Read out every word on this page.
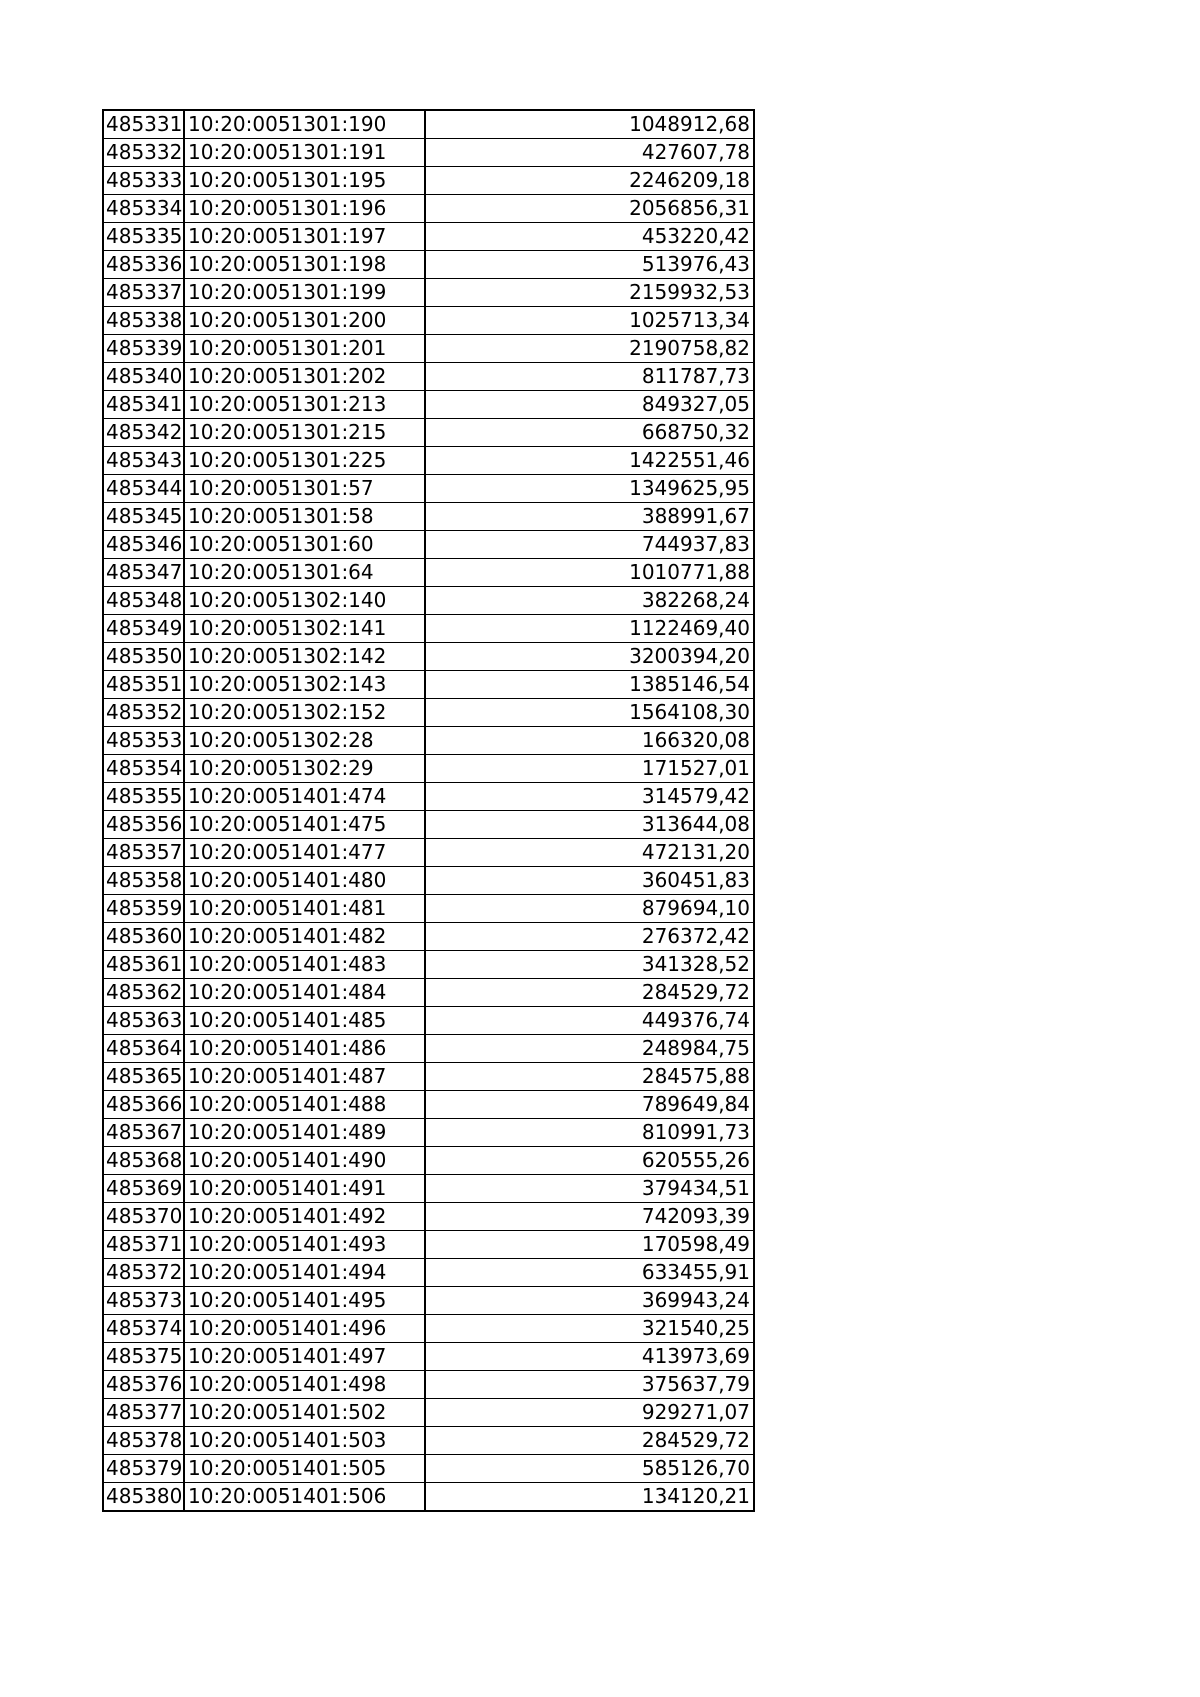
485331	10:20:0051301:190	1048912,68
485332	10:20:0051301:191	427607,78
485333	10:20:0051301:195	2246209,18
485334	10:20:0051301:196	2056856,31
485335	10:20:0051301:197	453220,42
485336	10:20:0051301:198	513976,43
485337	10:20:0051301:199	2159932,53
485338	10:20:0051301:200	1025713,34
485339	10:20:0051301:201	2190758,82
485340	10:20:0051301:202	811787,73
485341	10:20:0051301:213	849327,05
485342	10:20:0051301:215	668750,32
485343	10:20:0051301:225	1422551,46
485344	10:20:0051301:57	1349625,95
485345	10:20:0051301:58	388991,67
485346	10:20:0051301:60	744937,83
485347	10:20:0051301:64	1010771,88
485348	10:20:0051302:140	382268,24
485349	10:20:0051302:141	1122469,40
485350	10:20:0051302:142	3200394,20
485351	10:20:0051302:143	1385146,54
485352	10:20:0051302:152	1564108,30
485353	10:20:0051302:28	166320,08
485354	10:20:0051302:29	171527,01
485355	10:20:0051401:474	314579,42
485356	10:20:0051401:475	313644,08
485357	10:20:0051401:477	472131,20
485358	10:20:0051401:480	360451,83
485359	10:20:0051401:481	879694,10
485360	10:20:0051401:482	276372,42
485361	10:20:0051401:483	341328,52
485362	10:20:0051401:484	284529,72
485363	10:20:0051401:485	449376,74
485364	10:20:0051401:486	248984,75
485365	10:20:0051401:487	284575,88
485366	10:20:0051401:488	789649,84
485367	10:20:0051401:489	810991,73
485368	10:20:0051401:490	620555,26
485369	10:20:0051401:491	379434,51
485370	10:20:0051401:492	742093,39
485371	10:20:0051401:493	170598,49
485372	10:20:0051401:494	633455,91
485373	10:20:0051401:495	369943,24
485374	10:20:0051401:496	321540,25
485375	10:20:0051401:497	413973,69
485376	10:20:0051401:498	375637,79
485377	10:20:0051401:502	929271,07
485378	10:20:0051401:503	284529,72
485379	10:20:0051401:505	585126,70
485380	10:20:0051401:506	134120,21
